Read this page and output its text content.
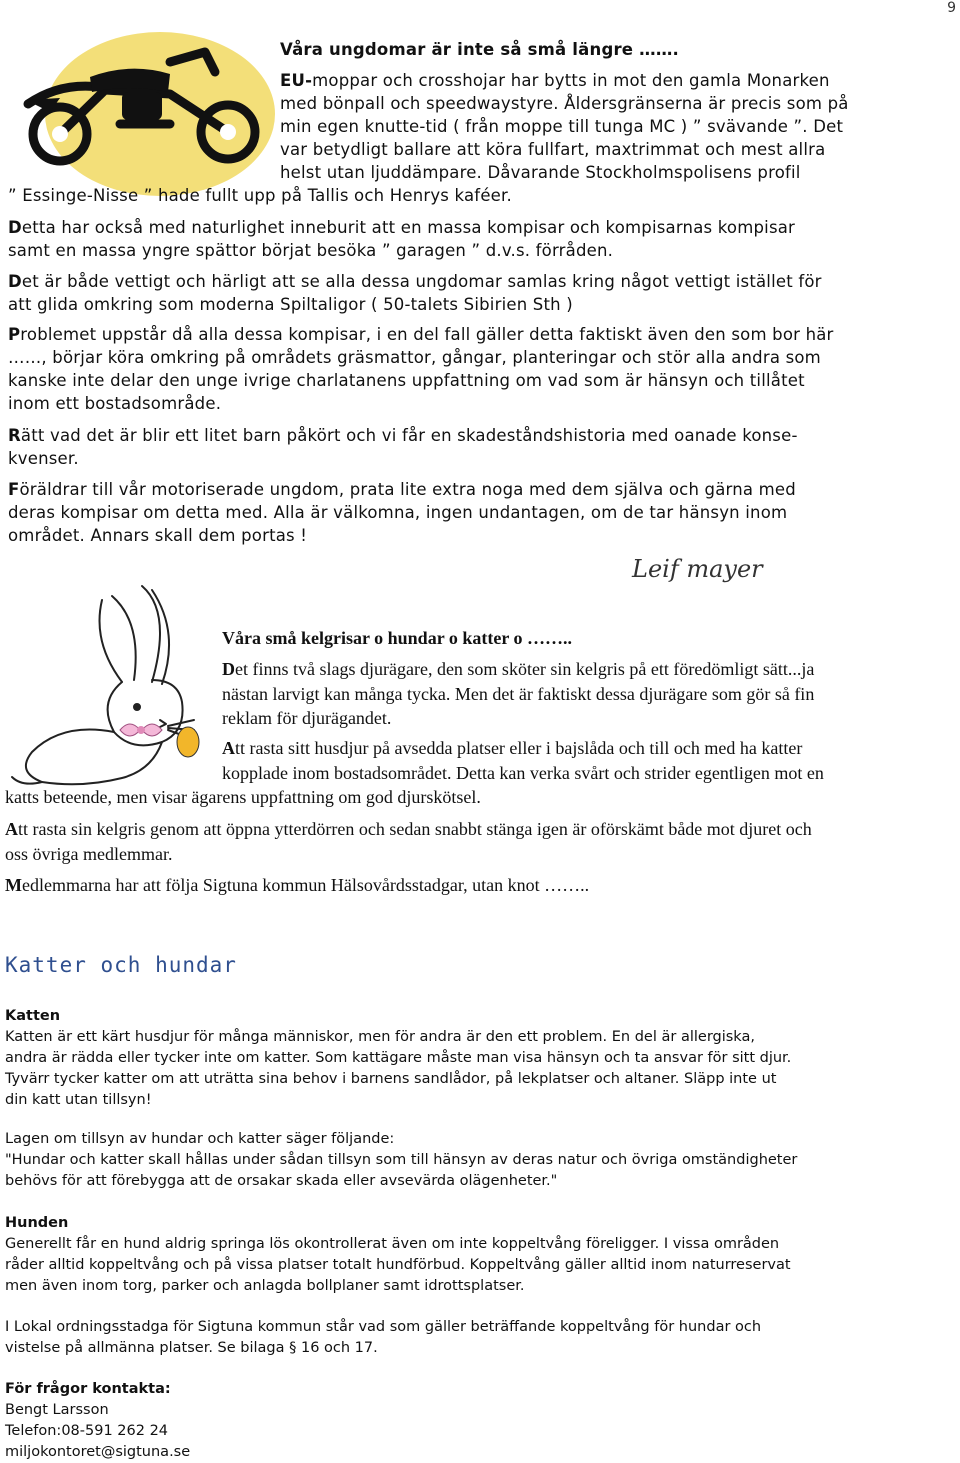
9
Våra ungdomar är inte så små längre …….

EU-moppar och crosshojar har bytts in mot den gamla Monarken

med bönpall och speedwaystyre. Åldersgränserna är precis som på

min egen knutte-tid ( från moppe till tunga MC ) ” svävande ”. Det

var betydligt ballare att köra fullfart, maxtrimmat och mest allra

helst utan ljuddämpare. Dåvarande Stockholmspolisens profil

” Essinge-Nisse ” hade fullt upp på Tallis och Henrys kaféer.

Detta har också med naturlighet inneburit att en massa kompisar och kompisarnas kompisar

samt en massa yngre spättor börjat besöka ” garagen ” d.v.s. förråden.

Det är både vettigt och härligt att se alla dessa ungdomar samlas kring något vettigt istället för

att glida omkring som moderna Spiltaligor ( 50-talets Sibirien Sth )

Problemet uppstår då alla dessa kompisar, i en del fall gäller detta faktiskt även den som bor här

……, börjar köra omkring på områdets gräsmattor, gångar, planteringar och stör alla andra som

kanske inte delar den unge ivrige charlatanens uppfattning om vad som är hänsyn och tillåtet

inom ett bostadsområde.

Rätt vad det är blir ett litet barn påkört och vi får en skadeståndshistoria med oanade konse-

kvenser.

Föräldrar till vår motoriserade ungdom, prata lite extra noga med dem själva och gärna med

deras kompisar om detta med. Alla är välkomna, ingen undantagen, om de tar hänsyn inom

området. Annars skall dem portas !

Leif mayer
Våra små kelgrisar o hundar o katter o ……..

Det finns två slags djurägare, den som sköter sin kelgris på ett föredömligt sätt...ja

nästan larvigt kan många tycka. Men det är faktiskt dessa djurägare som gör så fin

reklam för djurägandet.

Att rasta sitt husdjur på avsedda platser eller i bajslåda och till och med ha katter

kopplade inom bostadsområdet. Detta kan verka svårt och strider egentligen mot en

katts beteende, men visar ägarens uppfattning om god djurskötsel.

Att rasta sin kelgris genom att öppna ytterdörren och sedan snabbt stänga igen är oförskämt både mot djuret och

oss övriga medlemmar.

Medlemmarna har att följa Sigtuna kommun Hälsovårdsstadgar, utan knot ……..

Katter och hundar

Katten

Katten är ett kärt husdjur för många människor, men för andra är den ett problem. En del är allergiska,

andra är rädda eller tycker inte om katter. Som kattägare måste man visa hänsyn och ta ansvar för sitt djur.

Tyvärr tycker katter om att uträtta sina behov i barnens sandlådor, på lekplatser och altaner. Släpp inte ut

din katt utan tillsyn!

Lagen om tillsyn av hundar och katter säger följande:

"Hundar och katter skall hållas under sådan tillsyn som till hänsyn av deras natur och övriga omständigheter

behövs för att förebygga att de orsakar skada eller avsevärda olägenheter."

Hunden

Generellt får en hund aldrig springa lös okontrollerat även om inte koppeltvång föreligger. I vissa områden

råder alltid koppeltvång och på vissa platser totalt hundförbud. Koppeltvång gäller alltid inom naturreservat

men även inom torg, parker och anlagda bollplaner samt idrottsplatser.

I Lokal ordningsstadga för Sigtuna kommun står vad som gäller beträffande koppeltvång för hundar och

vistelse på allmänna platser. Se bilaga § 16 och 17.

För frågor kontakta:

Bengt Larsson

Telefon:08-591 262 24

miljokontoret@sigtuna.se
